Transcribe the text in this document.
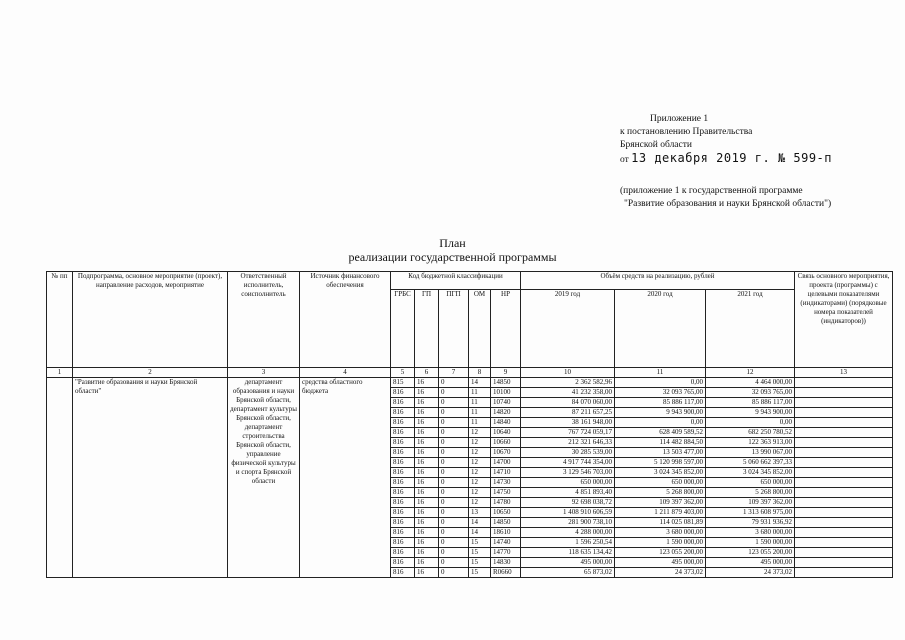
Приложение 1
к постановлению Правительства
Брянской области
от 13 декабря 2019 г. № 599-п
(приложение 1 к государственной программе
"Развитие образования и науки Брянской области")
План
реализации государственной программы
№ пп	Подпрограмма, основное мероприятие (проект), направление расходов, мероприятие	Ответственный исполнитель, соисполнитель	Источник финансового обеспечения	Код бюджетной классификации					Объём средств на реализацию, рублей			Связь основного мероприятия, проекта (программы) с целевыми показателями (индикаторами) (порядковые номера показателей (индикаторов))
				ГРБС	ГП	ПГП	ОМ	НР	2019 год	2020 год	2021 год	
1	2	3	4	5	6	7	8	9	10	11	12	13
	"Развитие образования и науки Брянской области"	департамент образования и науки Брянской области, департамент культуры Брянской области, департамент строительства Брянской области, управление физической культуры и спорта Брянской области	средства областного бюджета	815	16	0	14	14850	2 362 582,96	0,00	4 464 000,00	
				816	16	0	11	10100	41 232 358,00	32 093 765,00	32 093 765,00	
				816	16	0	11	10740	84 070 060,00	85 886 117,00	85 886 117,00	
				816	16	0	11	14820	87 211 657,25	9 943 900,00	9 943 900,00	
				816	16	0	11	14840	38 161 948,00	0,00	0,00	
				816	16	0	12	10640	767 724 059,17	628 409 589,52	682 250 780,52	
				816	16	0	12	10660	212 321 646,33	114 482 884,50	122 363 913,00	
				816	16	0	12	10670	30 285 539,00	13 503 477,00	13 990 067,00	
				816	16	0	12	14700	4 917 744 354,00	5 120 998 597,00	5 060 662 397,33	
				816	16	0	12	14710	3 129 546 703,00	3 024 345 852,00	3 024 345 852,00	
				816	16	0	12	14730	650 000,00	650 000,00	650 000,00	
				816	16	0	12	14750	4 851 893,40	5 268 800,00	5 268 800,00	
				816	16	0	12	14780	92 698 038,72	109 397 362,00	109 397 362,00	
				816	16	0	13	10650	1 408 910 606,59	1 211 879 403,00	1 313 608 975,00	
				816	16	0	14	14850	281 900 738,10	114 025 081,89	79 931 936,92	
				816	16	0	14	18610	4 288 000,00	3 680 000,00	3 680 000,00	
				816	16	0	15	14740	1 596 250,54	1 590 000,00	1 590 000,00	
				816	16	0	15	14770	118 635 134,42	123 055 200,00	123 055 200,00	
				816	16	0	15	14830	495 000,00	495 000,00	495 000,00	
				816	16	0	15	R0660	65 873,02	24 373,02	24 373,02	
